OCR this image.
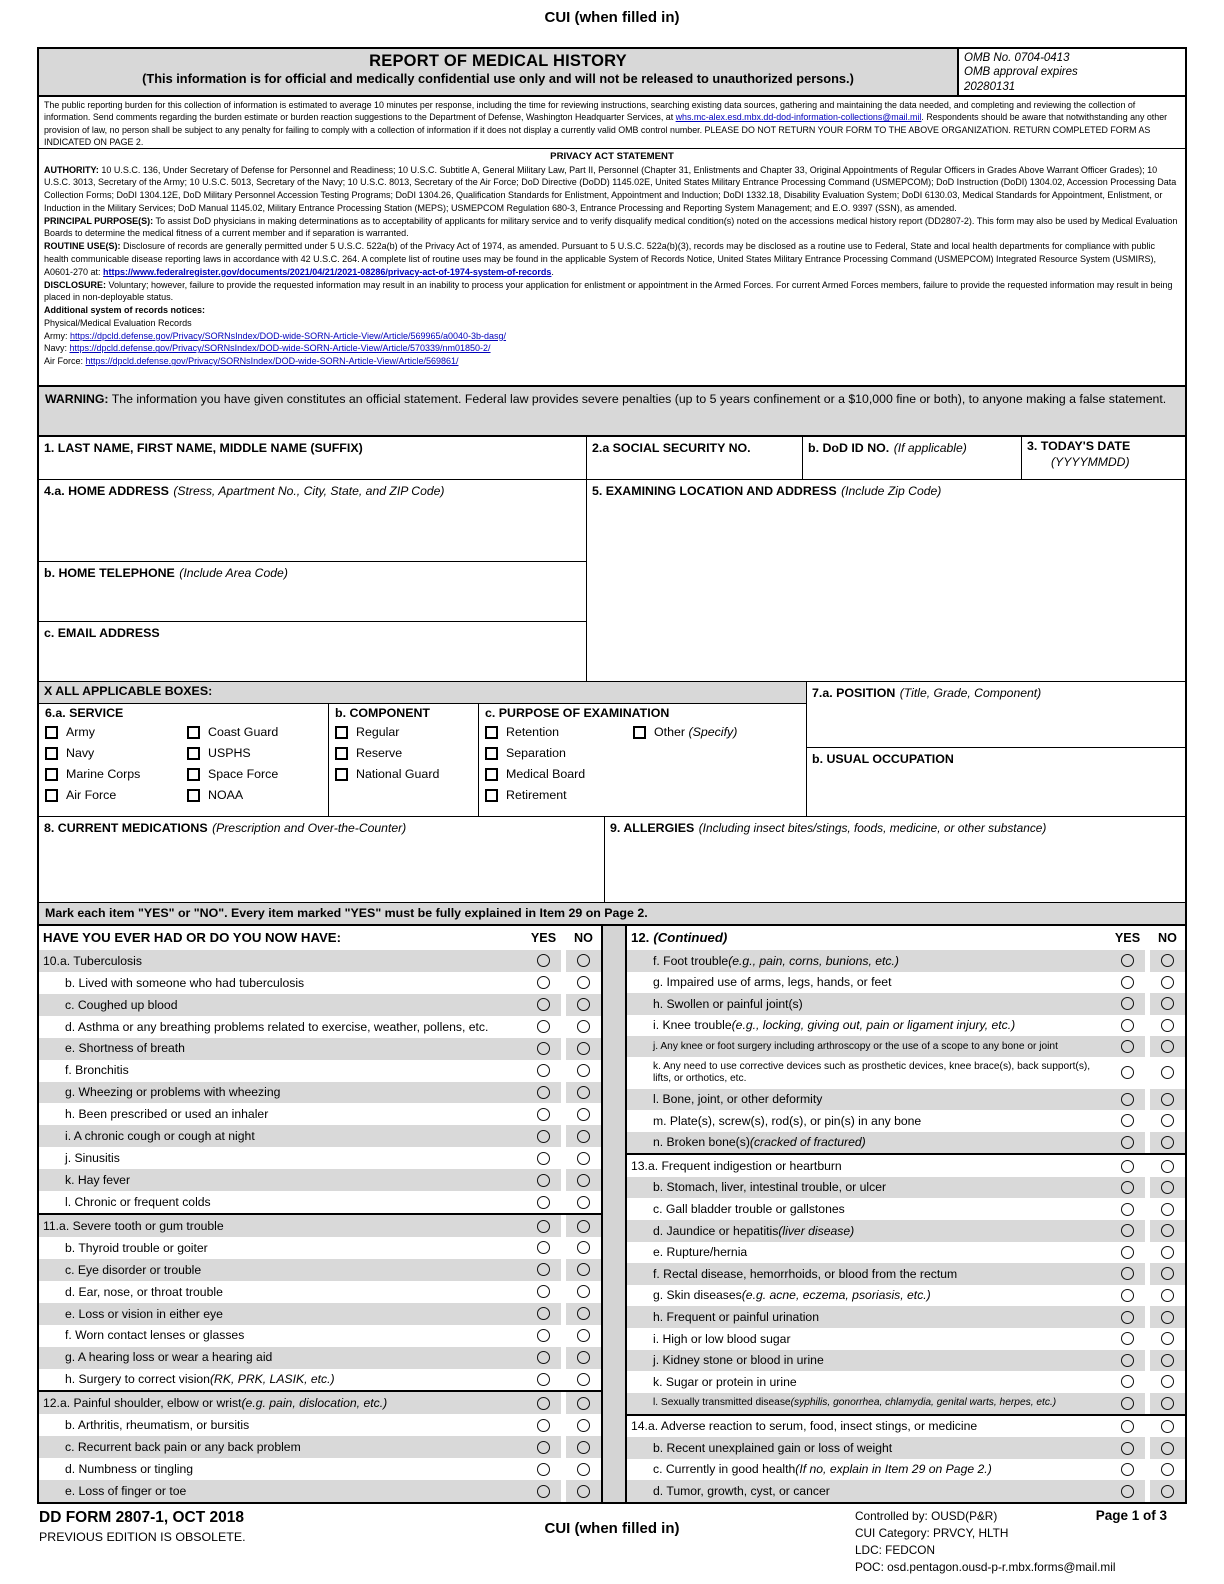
CUI (when filled in)
REPORT OF MEDICAL HISTORY
(This information is for official and medically confidential use only and will not be released to unauthorized persons.)
OMB No. 0704-0413
OMB approval expires
20280131
The public reporting burden for this collection of information is estimated to average 10 minutes per response, including the time for reviewing instructions, searching existing data sources, gathering and maintaining the data needed, and completing and reviewing the collection of information. Send comments regarding the burden estimate or burden reaction suggestions to the Department of Defense, Washington Headquarter Services, at whs.mc-alex.esd.mbx.dd-dod-information-collections@mail.mil. Respondents should be aware that notwithstanding any other provision of law, no person shall be subject to any penalty for failing to comply with a collection of information if it does not display a currently valid OMB control number. PLEASE DO NOT RETURN YOUR FORM TO THE ABOVE ORGANIZATION. RETURN COMPLETED FORM AS INDICATED ON PAGE 2.
PRIVACY ACT STATEMENT
AUTHORITY: 10 U.S.C. 136, Under Secretary of Defense for Personnel and Readiness; 10 U.S.C. Subtitle A, General Military Law, Part II, Personnel (Chapter 31, Enlistments and Chapter 33, Original Appointments of Regular Officers in Grades Above Warrant Officer Grades); 10 U.S.C. 3013, Secretary of the Army; 10 U.S.C. 5013, Secretary of the Navy; 10 U.S.C. 8013, Secretary of the Air Force; DoD Directive (DoDD) 1145.02E, United States Military Entrance Processing Command (USMEPCOM); DoD Instruction (DoDI) 1304.02, Accession Processing Data Collection Forms; DoDI 1304.12E, DoD Military Personnel Accession Testing Programs; DoDI 1304.26, Qualification Standards for Enlistment, Appointment and Induction; DoDI 1332.18, Disability Evaluation System; DoDI 6130.03, Medical Standards for Appointment, Enlistment, or Induction in the Military Services; DoD Manual 1145.02, Military Entrance Processing Station (MEPS); USMEPCOM Regulation 680-3, Entrance Processing and Reporting System Management; and E.O. 9397 (SSN), as amended.
PRINCIPAL PURPOSE(S): To assist DoD physicians in making determinations as to acceptability of applicants for military service and to verify disqualify medical condition(s) noted on the accessions medical history report (DD2807-2). This form may also be used by Medical Evaluation Boards to determine the medical fitness of a current member and if separation is warranted.
ROUTINE USE(S): Disclosure of records are generally permitted under 5 U.S.C. 522a(b) of the Privacy Act of 1974, as amended. Pursuant to 5 U.S.C. 522a(b)(3), records may be disclosed as a routine use to Federal, State and local health departments for compliance with public health communicable disease reporting laws in accordance with 42 U.S.C. 264. A complete list of routine uses may be found in the applicable System of Records Notice, United States Military Entrance Processing Command (USMEPCOM) Integrated Resource System (USMIRS), A0601-270 at: https://www.federalregister.gov/documents/2021/04/21/2021-08286/privacy-act-of-1974-system-of-records.
DISCLOSURE: Voluntary; however, failure to provide the requested information may result in an inability to process your application for enlistment or appointment in the Armed Forces. For current Armed Forces members, failure to provide the requested information may result in being placed in non-deployable status.
Additional system of records notices:
Physical/Medical Evaluation Records
Army: https://dpcld.defense.gov/Privacy/SORNsIndex/DOD-wide-SORN-Article-View/Article/569965/a0040-3b-dasg/
Navy: https://dpcld.defense.gov/Privacy/SORNsIndex/DOD-wide-SORN-Article-View/Article/570339/nm01850-2/
Air Force: https://dpcld.defense.gov/Privacy/SORNsIndex/DOD-wide-SORN-Article-View/Article/569861/
WARNING: The information you have given constitutes an official statement. Federal law provides severe penalties (up to 5 years confinement or a $10,000 fine or both), to anyone making a false statement.
1. LAST NAME, FIRST NAME, MIDDLE NAME (SUFFIX)	2.a SOCIAL SECURITY NO.	b. DoD ID NO. (If applicable)	3. TODAY'S DATE
(YYYYMMDD)
4.a. HOME ADDRESS (Stress, Apartment No., City, State, and ZIP Code)
b. HOME TELEPHONE (Include Area Code)
c. EMAIL ADDRESS
5. EXAMINING LOCATION AND ADDRESS (Include Zip Code)
X ALL APPLICABLE BOXES:
6.a. SERVICE
Army	Coast Guard
Navy	USPHS
Marine Corps	Space Force
Air Force	NOAA
b. COMPONENT
Regular
Reserve
National Guard
c. PURPOSE OF EXAMINATION
Retention
Separation
Medical Board
Retirement
Other (Specify)
7.a. POSITION (Title, Grade, Component)
b. USUAL OCCUPATION
8. CURRENT MEDICATIONS (Prescription and Over-the-Counter)	9. ALLERGIES (Including insect bites/stings, foods, medicine, or other substance)
Mark each item "YES" or "NO". Every item marked "YES" must be fully explained in Item 29 on Page 2.
HAVE YOU EVER HAD OR DO YOU NOW HAVE:	YES	NO
10.a. Tuberculosis
b. Lived with someone who had tuberculosis
c. Coughed up blood
d. Asthma or any breathing problems related to exercise, weather, pollens, etc.
e. Shortness of breath
f. Bronchitis
g. Wheezing or problems with wheezing
h. Been prescribed or used an inhaler
i. A chronic cough or cough at night
j. Sinusitis
k. Hay fever
l. Chronic or frequent colds
11.a. Severe tooth or gum trouble
b. Thyroid trouble or goiter
c. Eye disorder or trouble
d. Ear, nose, or throat trouble
e. Loss or vision in either eye
f. Worn contact lenses or glasses
g. A hearing loss or wear a hearing aid
h. Surgery to correct vision (RK, PRK, LASIK, etc.)
12.a. Painful shoulder, elbow or wrist (e.g. pain, dislocation, etc.)
b. Arthritis, rheumatism, or bursitis
c. Recurrent back pain or any back problem
d. Numbness or tingling
e. Loss of finger or toe
12. (Continued)	YES	NO
f. Foot trouble (e.g., pain, corns, bunions, etc.)
g. Impaired use of arms, legs, hands, or feet
h. Swollen or painful joint(s)
i. Knee trouble (e.g., locking, giving out, pain or ligament injury, etc.)
j. Any knee or foot surgery including arthroscopy or the use of a scope to any bone or joint
k. Any need to use corrective devices such as prosthetic devices, knee brace(s), back support(s), lifts, or orthotics, etc.
l. Bone, joint, or other deformity
m. Plate(s), screw(s), rod(s), or pin(s) in any bone
n. Broken bone(s) (cracked of fractured)
13.a. Frequent indigestion or heartburn
b. Stomach, liver, intestinal trouble, or ulcer
c. Gall bladder trouble or gallstones
d. Jaundice or hepatitis (liver disease)
e. Rupture/hernia
f. Rectal disease, hemorrhoids, or blood from the rectum
g. Skin diseases (e.g. acne, eczema, psoriasis, etc.)
h. Frequent or painful urination
i. High or low blood sugar
j. Kidney stone or blood in urine
k. Sugar or protein in urine
l. Sexually transmitted disease (syphilis, gonorrhea, chlamydia, genital warts, herpes, etc.)
14.a. Adverse reaction to serum, food, insect stings, or medicine
b. Recent unexplained gain or loss of weight
c. Currently in good health (If no, explain in Item 29 on Page 2.)
d. Tumor, growth, cyst, or cancer
DD FORM 2807-1, OCT 2018
PREVIOUS EDITION IS OBSOLETE.	CUI (when filled in)
Controlled by: OUSD(P&R)
CUI Category: PRVCY, HLTH
LDC: FEDCON
POC: osd.pentagon.ousd-p-r.mbx.forms@mail.mil
Page 1 of 3
